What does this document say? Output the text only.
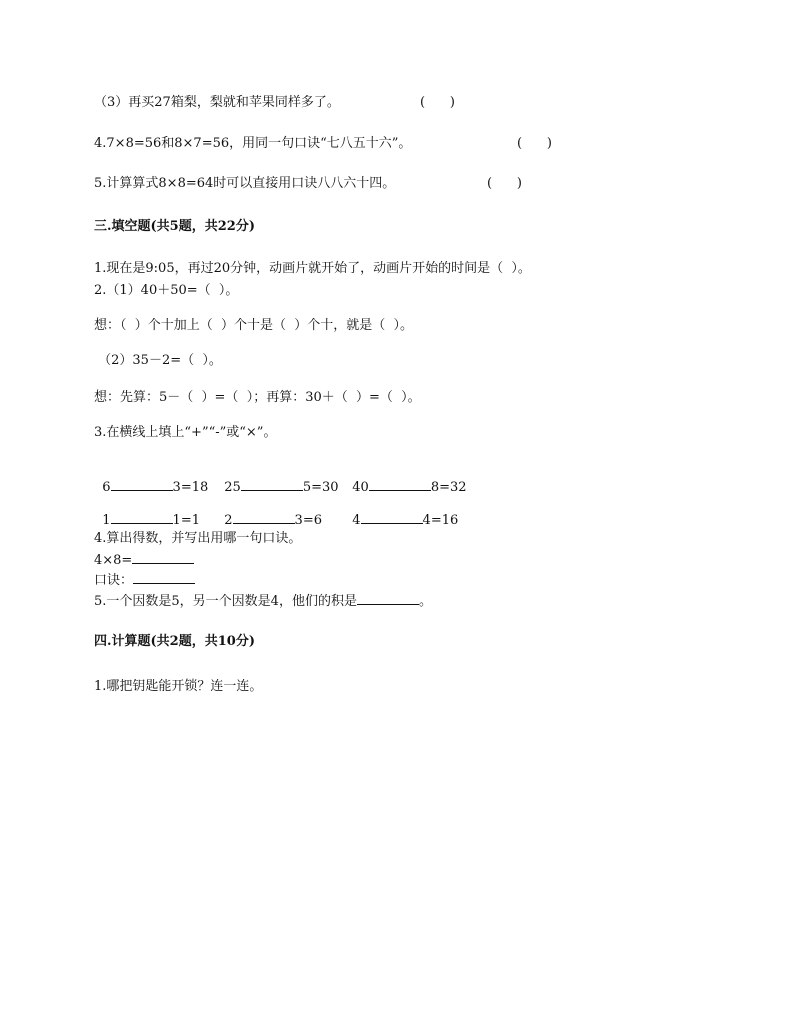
（3）再买27箱梨，梨就和苹果同样多了。	(      )
4.7×8=56和8×7=56，用同一句口诀“七八五十六”。	(      )
5.计算算式8×8=64时可以直接用口诀八八六十四。	(      )
三.填空题(共5题，共22分)
1.现在是9:05，再过20分钟，动画片就开始了，动画片开始的时间是（  ）。
2.（1）40＋50=（  ）。
想：（  ）个十加上（  ）个十是（  ）个十，就是（  ）。
（2）35－2=（  ）。
想：先算：5－（  ）=（  ）；再算：30＋（  ）=（  ）。
3.在横线上填上“+”“-”或“×”。

6	3=18 25	5=30 40	8=32

1	1=1 2	3=6 4	4=16

4.算出得数，并写出用哪一句口诀。
4×8=
口诀：
5.一个因数是5，另一个因数是4，他们的积是	。
四.计算题(共2题，共10分)
1.哪把钥匙能开锁？连一连。
